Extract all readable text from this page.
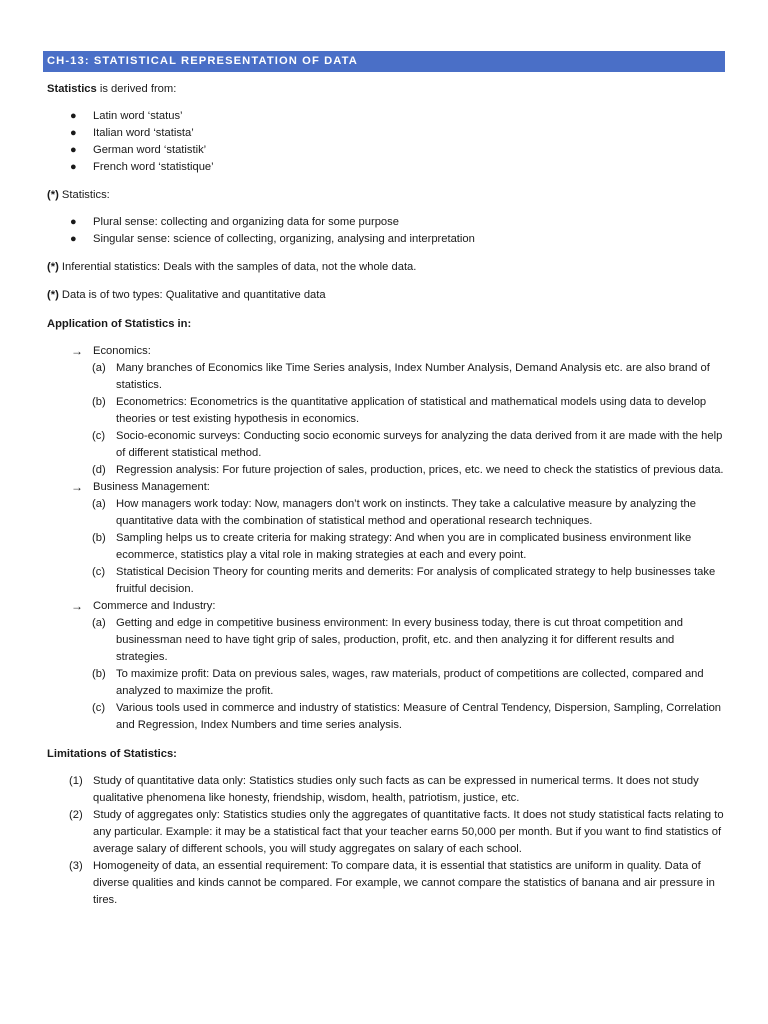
CH-13: STATISTICAL REPRESENTATION OF DATA
Statistics is derived from:
● Latin word ‘status’
● Italian word ‘statista’
● German word ‘statistik’
● French word ‘statistique’
(*) Statistics:
● Plural sense: collecting and organizing data for some purpose
● Singular sense: science of collecting, organizing, analysing and interpretation
(*) Inferential statistics: Deals with the samples of data, not the whole data.
(*) Data is of two types: Qualitative and quantitative data
Application of Statistics in:
→ Economics:
(a) Many branches of Economics like Time Series analysis, Index Number Analysis, Demand Analysis etc. are also brand of statistics.
(b) Econometrics: Econometrics is the quantitative application of statistical and mathematical models using data to develop theories or test existing hypothesis in economics.
(c) Socio-economic surveys: Conducting socio economic surveys for analyzing the data derived from it are made with the help of different statistical method.
(d) Regression analysis: For future projection of sales, production, prices, etc. we need to check the statistics of previous data.
→ Business Management:
(a) How managers work today: Now, managers don’t work on instincts. They take a calculative measure by analyzing the quantitative data with the combination of statistical method and operational research techniques.
(b) Sampling helps us to create criteria for making strategy: And when you are in complicated business environment like ecommerce, statistics play a vital role in making strategies at each and every point.
(c) Statistical Decision Theory for counting merits and demerits: For analysis of complicated strategy to help businesses take fruitful decision.
→ Commerce and Industry:
(a) Getting and edge in competitive business environment: In every business today, there is cut throat competition and businessman need to have tight grip of sales, production, profit, etc. and then analyzing it for different results and strategies.
(b) To maximize profit: Data on previous sales, wages, raw materials, product of competitions are collected, compared and analyzed to maximize the profit.
(c) Various tools used in commerce and industry of statistics: Measure of Central Tendency, Dispersion, Sampling, Correlation and Regression, Index Numbers and time series analysis.
Limitations of Statistics:
(1) Study of quantitative data only: Statistics studies only such facts as can be expressed in numerical terms. It does not study qualitative phenomena like honesty, friendship, wisdom, health, patriotism, justice, etc.
(2) Study of aggregates only: Statistics studies only the aggregates of quantitative facts. It does not study statistical facts relating to any particular. Example: it may be a statistical fact that your teacher earns 50,000 per month. But if you want to find statistics of average salary of different schools, you will study aggregates on salary of each school.
(3) Homogeneity of data, an essential requirement: To compare data, it is essential that statistics are uniform in quality. Data of diverse qualities and kinds cannot be compared. For example, we cannot compare the statistics of banana and air pressure in tires.
